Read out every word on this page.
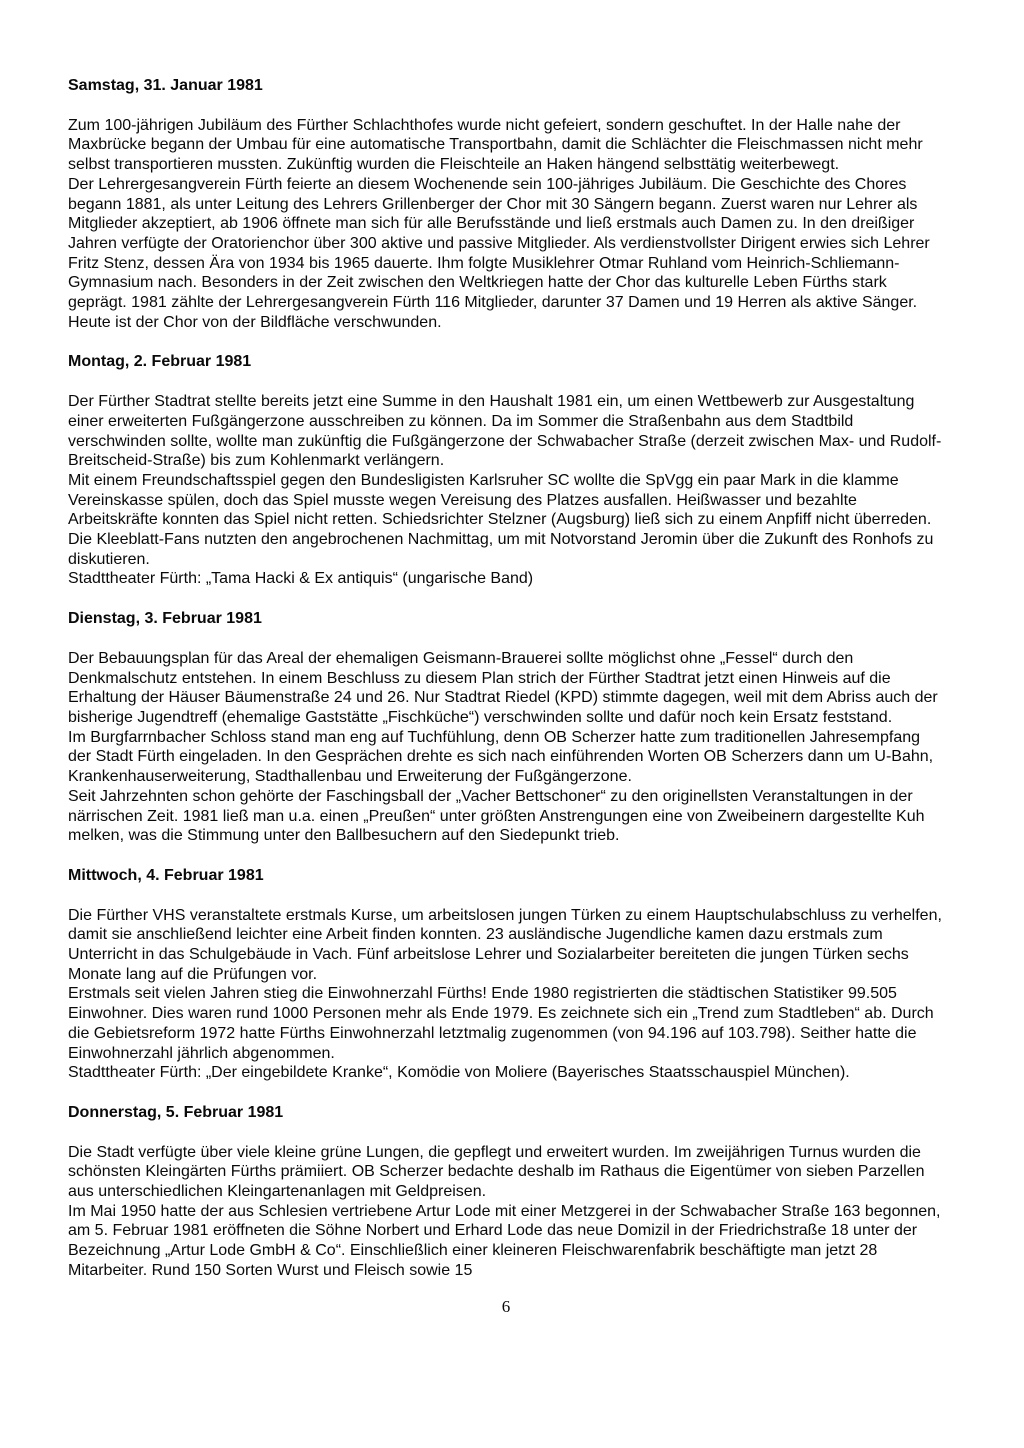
Samstag, 31. Januar 1981

Zum 100-jährigen Jubiläum des Fürther Schlachthofes wurde nicht gefeiert, sondern geschuftet. In der Halle nahe der Maxbrücke begann der Umbau für eine automatische Transportbahn, damit die Schlächter die Fleischmassen nicht mehr selbst transportieren mussten. Zukünftig wurden die Fleischteile an Haken hängend selbsttätig weiterbewegt.

Der Lehrergesangverein Fürth feierte an diesem Wochenende sein 100-jähriges Jubiläum. Die Geschichte des Chores begann 1881, als unter Leitung des Lehrers Grillenberger der Chor mit 30 Sängern begann. Zuerst waren nur Lehrer als Mitglieder akzeptiert, ab 1906 öffnete man sich für alle Berufsstände und ließ erstmals auch Damen zu. In den dreißiger Jahren verfügte der Oratorienchor über 300 aktive und passive Mitglieder. Als verdienstvollster Dirigent erwies sich Lehrer Fritz Stenz, dessen Ära von 1934 bis 1965 dauerte. Ihm folgte Musiklehrer Otmar Ruhland vom Heinrich-Schliemann-Gymnasium nach. Besonders in der Zeit zwischen den Weltkriegen hatte der Chor das kulturelle Leben Fürths stark geprägt. 1981 zählte der Lehrergesangverein Fürth 116 Mitglieder, darunter 37 Damen und 19 Herren als aktive Sänger. Heute ist der Chor von der Bildfläche verschwunden.

Montag, 2. Februar 1981

Der Fürther Stadtrat stellte bereits jetzt eine Summe in den Haushalt 1981 ein, um einen Wettbewerb zur Ausgestaltung einer erweiterten Fußgängerzone ausschreiben zu können. Da im Sommer die Straßenbahn aus dem Stadtbild verschwinden sollte, wollte man zukünftig die Fußgängerzone der Schwabacher Straße (derzeit zwischen Max- und Rudolf-Breitscheid-Straße) bis zum Kohlenmarkt verlängern.

Mit einem Freundschaftsspiel gegen den Bundesligisten Karlsruher SC wollte die SpVgg ein paar Mark in die klamme Vereinskasse spülen, doch das Spiel musste wegen Vereisung des Platzes ausfallen. Heißwasser und bezahlte Arbeitskräfte konnten das Spiel nicht retten. Schiedsrichter Stelzner (Augsburg) ließ sich zu einem Anpfiff nicht überreden. Die Kleeblatt-Fans nutzten den angebrochenen Nachmittag, um mit Notvorstand Jeromin über die Zukunft des Ronhofs zu diskutieren.

Stadttheater Fürth: „Tama Hacki & Ex antiquis“ (ungarische Band)

Dienstag, 3. Februar 1981

Der Bebauungsplan für das Areal der ehemaligen Geismann-Brauerei sollte möglichst ohne „Fessel“ durch den Denkmalschutz entstehen. In einem Beschluss zu diesem Plan strich der Fürther Stadtrat jetzt einen Hinweis auf die Erhaltung der Häuser Bäumenstraße 24 und 26. Nur Stadtrat Riedel (KPD) stimmte dagegen, weil mit dem Abriss auch der bisherige Jugendtreff (ehemalige Gaststätte „Fischküche“) verschwinden sollte und dafür noch kein Ersatz feststand.

Im Burgfarrnbacher Schloss stand man eng auf Tuchfühlung, denn OB Scherzer hatte zum traditionellen Jahresempfang der Stadt Fürth eingeladen. In den Gesprächen drehte es sich nach einführenden Worten OB Scherzers dann um U-Bahn, Krankenhauserweiterung, Stadthallenbau und Erweiterung der Fußgängerzone.

Seit Jahrzehnten schon gehörte der Faschingsball der „Vacher Bettschoner“ zu den originellsten Veranstaltungen in der närrischen Zeit. 1981 ließ man u.a. einen „Preußen“ unter größten Anstrengungen eine von Zweibeinern dargestellte Kuh melken, was die Stimmung unter den Ballbesuchern auf den Siedepunkt trieb.

Mittwoch, 4. Februar 1981

Die Fürther VHS veranstaltete erstmals Kurse, um arbeitslosen jungen Türken zu einem Hauptschulabschluss zu verhelfen, damit sie anschließend leichter eine Arbeit finden konnten. 23 ausländische Jugendliche kamen dazu erstmals zum Unterricht in das Schulgebäude in Vach. Fünf arbeitslose Lehrer und Sozialarbeiter bereiteten die jungen Türken sechs Monate lang auf die Prüfungen vor.

Erstmals seit vielen Jahren stieg die Einwohnerzahl Fürths! Ende 1980 registrierten die städtischen Statistiker 99.505 Einwohner. Dies waren rund 1000 Personen mehr als Ende 1979. Es zeichnete sich ein „Trend zum Stadtleben“ ab. Durch die Gebietsreform 1972 hatte Fürths Einwohnerzahl letztmalig zugenommen (von 94.196 auf 103.798). Seither hatte die Einwohnerzahl jährlich abgenommen.

Stadttheater Fürth: „Der eingebildete Kranke“, Komödie von Moliere (Bayerisches Staatsschauspiel München).

Donnerstag, 5. Februar 1981

Die Stadt verfügte über viele kleine grüne Lungen, die gepflegt und erweitert wurden. Im zweijährigen Turnus wurden die schönsten Kleingärten Fürths prämiiert. OB Scherzer bedachte deshalb im Rathaus die Eigentümer von sieben Parzellen aus unterschiedlichen Kleingartenanlagen mit Geldpreisen.

Im Mai 1950 hatte der aus Schlesien vertriebene Artur Lode mit einer Metzgerei in der Schwabacher Straße 163 begonnen, am 5. Februar 1981 eröffneten die Söhne Norbert und Erhard Lode das neue Domizil in der Friedrichstraße 18 unter der Bezeichnung „Artur Lode GmbH & Co“. Einschließlich einer kleineren Fleischwarenfabrik beschäftigte man jetzt 28 Mitarbeiter. Rund 150 Sorten Wurst und Fleisch sowie 15

6
